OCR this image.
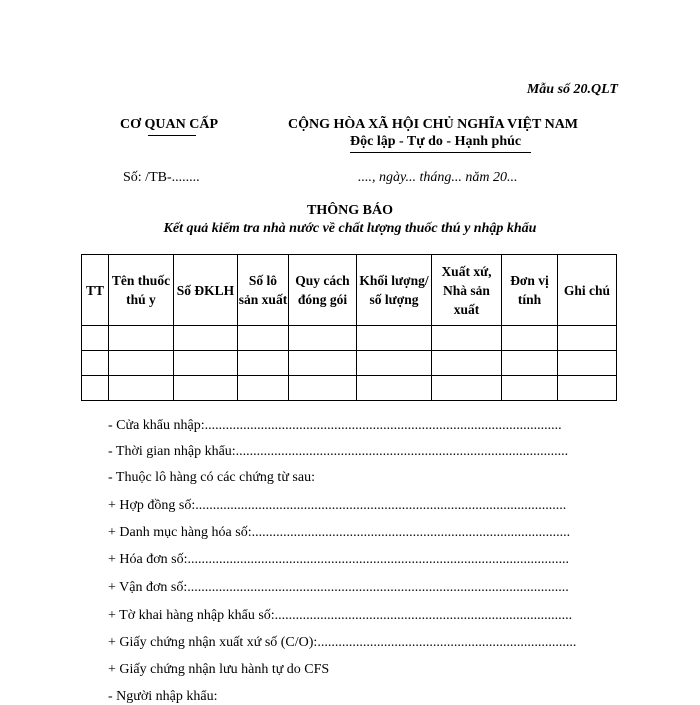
Mẫu số 20.QLT
CƠ QUAN CẤP	CỘNG HÒA XÃ HỘI CHỦ NGHĨA VIỆT NAM
Độc lập - Tự do - Hạnh phúc
Số: /TB-........	...., ngày... tháng... năm 20...
THÔNG BÁO
Kết quả kiểm tra nhà nước về chất lượng thuốc thú y nhập khẩu
TT	Tên thuốc thú y	Số ĐKLH	Số lô sản xuất	Quy cách đóng gói	Khối lượng/ số lượng	Xuất xứ, Nhà sản xuất	Đơn vị tính	Ghi chú

- Cửa khẩu nhập:......................................................................................................
- Thời gian nhập khẩu:...............................................................................................
- Thuộc lô hàng có các chứng từ sau:
+ Hợp đồng số:..........................................................................................................
+ Danh mục hàng hóa số:...........................................................................................
+ Hóa đơn số:.............................................................................................................
+ Vận đơn số:.............................................................................................................
+ Tờ khai hàng nhập khẩu số:.....................................................................................
+ Giấy chứng nhận xuất xứ số (C/O):..........................................................................
+ Giấy chứng nhận lưu hành tự do CFS
- Người nhập khẩu:
